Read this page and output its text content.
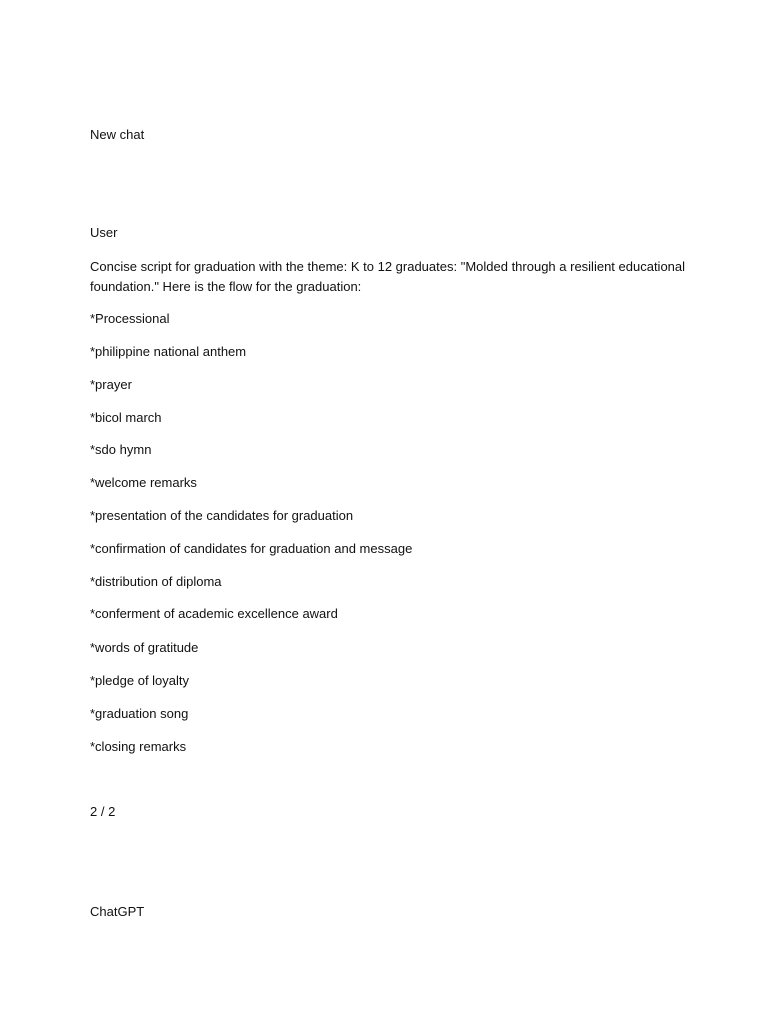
New chat
User
Concise script for graduation with the theme: K to 12 graduates: "Molded through a resilient educational foundation." Here is the flow for the graduation:
*Processional
*philippine national anthem
*prayer
*bicol march
*sdo hymn
*welcome remarks
*presentation of the candidates for graduation
*confirmation of candidates for graduation and message
*distribution of diploma
*conferment of academic excellence award
*words of gratitude
*pledge of loyalty
*graduation song
*closing remarks
2 / 2
ChatGPT
